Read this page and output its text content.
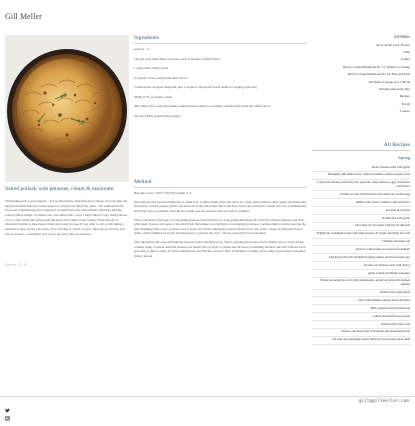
Gill Meller
Salted pollack with potatoes, cream & marjoram
This makes such a good supper – it is so much more than fish and potatoes. You can take out the sliced salted fish and on the surface it would look much the same – but underneath the crisp and caramelised potato topping it wouldn't have the extraordinary intensity that the salted pollack brings. So make your own salted fish, cover a large fillet of very fresh pollack, cod or other white fish in fine salt and leave it for 24hrs in the fridge. When the salt is dissolved the fish is then rinsed, dried and ready for use. If you wish to, it's worth taking a moment to take out the pin bones. You can bake it, boil it or fry it, then slice it and use it in lots of recipes, a wonderful way to use up a few leftover potatoes.
Serves 4 – 6
Ingredients

serves 4 – 6

1kg (2lb 4oz) white floury potatoes, such as Desiree or Maris Piper

1 large onion, thinly sliced

4–6 garlic cloves, peeled and thinly sliced

2 tablespoons chopped marjoram, plus a couple of marjoram flower stems for topping (optional)

500ml (17fl oz) double cream

300–400g (10½–14oz) thoroughly soaked salted pollack or cod fillets, skinned and sliced into small pieces

salt and freshly ground black pepper

Method

Heat the oven to 180°C/350°F/gas mark 3–4.

Peel and slice the potatoes thinly into 2–3mm (1/8–1/16in) rounds. Place the slices in a large bowl with the onion, garlic and marjoram, and plenty of black pepper (it may not need salt as the fish brings that to the mix). Place the cream into a small pan over a medium heat and bring it up to a simmer. Pour the hot cream over the potatoes and toss well to combine.

Place a relatively fast layer of overlapping potatoes in the bottom of a large gratin dish about 20–25cm (8–10in) in diameter and 5cm (2in) deep. Scatter over some of the sliced fish, then make a second layer of overlapping potatoes. Continue until you have used up the fish, finishing with a layer of potato on top. Pour over all the remaining cream from the bowl. Top with a couple of marjoram flower stems, which I think look lovely and the florets as glass in the oven – but of course they're not essential.

Place the dish in the oven and bake the layered potato and fish pie for 1 hour, pressing the potatoes down firmly once or twice during cooking using a spatula, until the potatoes are tender, the top layer is golden and the sauce is bubbling. Remove the dish from the oven and allow it time to settle. It will be much better, and still nice and hot, after 10 minutes of sitting. Serve with a green salad or steamed, buttery greens.

Gill Meller
Root, Stem, Leaf, Flower
Time
Gather
River Cottage Handbook No 17: Outdoor Cooking
River Cottage Handbook No 14: Pigs and Pork
The River Cottage A to Z Book
Kitchen and studio hire
Recipes
Social
Contact
All Recipes
Spring
Roast chicken with wild garlic
Meringue with lemon curd, cream, hazelnuts, primroses and sorrel
Cold roast chicken with early new potatoes, baby beetroot, eggs, anchovies and chives
Tortilla on toast with Pollack, wild garlic & poached egg
Rabbit with cream, rosemary and anchovies
Sea kale & sea beet
Rabbit and wild garlic
Chocolate rye brownies with bay & almonds
Yoghurt & cardamom sorbet with lemon honey & purple sprouting broccoli
Chicken and nettle pie
Pavlova with orange curd and roast rhubarb
Chicken broth with chargrilled spring onions and broad bean tops
Oysters on chicken stock with chives
apple, fennel and thyme pancakes
Purple sprouting broccoli with taramasalata, preserved lemon & smoked paprika
Rabbit with pappardelle
Crab with radishes, spring onions & herbs
Ham, spinach and buckled bean
Lemon and elderflower posset
Rabbit with wild sorrel
Oysters and bean soup with nettles and sourdough toast
Ste bent and asparagus salad with baby broad beans and radish
gill@gillmeller.com
